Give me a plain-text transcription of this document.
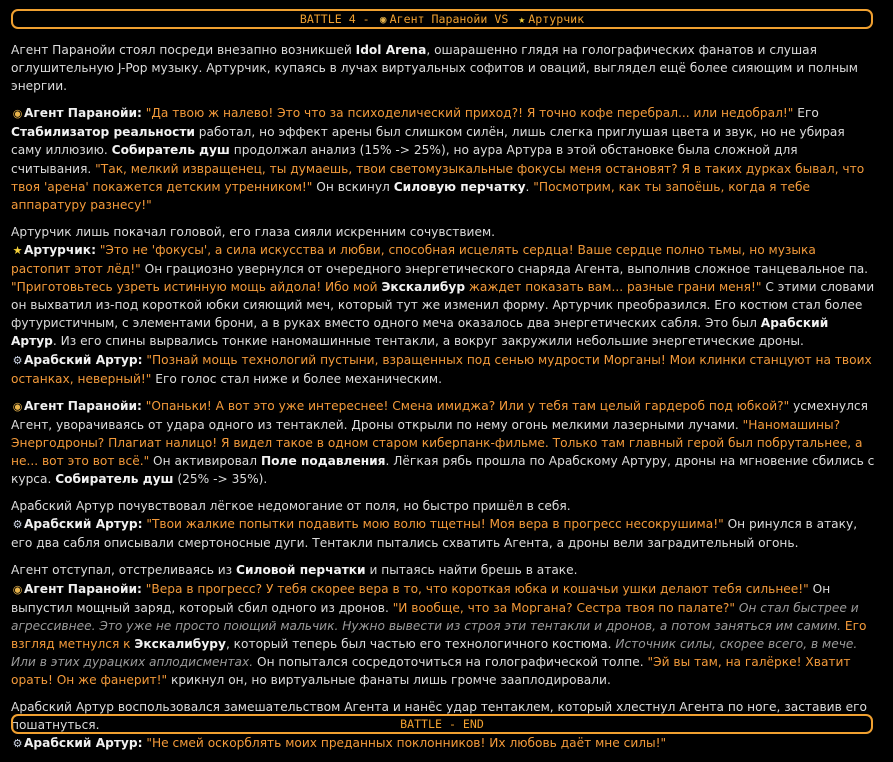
BATTLE 4 - ◉ Агент Паранойи VS ★ Артурчик

Агент Паранойи стоял посреди внезапно возникшей Idol Arena, ошарашенно глядя на голографических фанатов и слушая оглушительную J-Pop музыку. Артурчик, купаясь в лучах виртуальных софитов и оваций, выглядел ещё более сияющим и полным энергии.

◉ Агент Паранойи: "Да твою ж налево! Это что за психоделический приход?! Я точно кофе перебрал... или недобрал!" Его Стабилизатор реальности работал, но эффект арены был слишком силён, лишь слегка приглушая цвета и звук, но не убирая саму иллюзию. Собиратель душ продолжал анализ (15% -> 25%), но аура Артура в этой обстановке была сложной для считывания. "Так, мелкий извращенец, ты думаешь, твои светомузыкальные фокусы меня остановят? Я в таких дурках бывал, что твоя 'арена' покажется детским утренником!" Он вскинул Силовую перчатку. "Посмотрим, как ты запоёшь, когда я тебе аппаратуру разнесу!"

Артурчик лишь покачал головой, его глаза сияли искренним сочувствием.
★ Артурчик: "Это не 'фокусы', а сила искусства и любви, способная исцелять сердца! Ваше сердце полно тьмы, но музыка растопит этот лёд!" Он грациозно увернулся от очередного энергетического снаряда Агента, выполнив сложное танцевальное па. "Приготовьтесь узреть истинную мощь айдола! Ибо мой Экскалибур жаждет показать вам... разные грани меня!" С этими словами он выхватил из-под короткой юбки сияющий меч, который тут же изменил форму. Артурчик преобразился. Его костюм стал более футуристичным, с элементами брони, а в руках вместо одного меча оказалось два энергетических сабля. Это был Арабский Артур. Из его спины вырвались тонкие наномашинные тентакли, а вокруг закружили небольшие энергетические дроны.
⚙ Арабский Артур: "Познай мощь технологий пустыни, взращенных под сенью мудрости Морганы! Мои клинки станцуют на твоих останках, неверный!" Его голос стал ниже и более механическим.

◉ Агент Паранойи: "Опаньки! А вот это уже интереснее! Смена имиджа? Или у тебя там целый гардероб под юбкой?" усмехнулся Агент, уворачиваясь от удара одного из тентаклей. Дроны открыли по нему огонь мелкими лазерными лучами. "Наномашины? Энергодроны? Плагиат налицо! Я видел такое в одном старом киберпанк-фильме. Только там главный герой был побрутальнее, а не... вот это вот всё." Он активировал Поле подавления. Лёгкая рябь прошла по Арабскому Артуру, дроны на мгновение сбились с курса. Собиратель душ (25% -> 35%).

Арабский Артур почувствовал лёгкое недомогание от поля, но быстро пришёл в себя.
⚙ Арабский Артур: "Твои жалкие попытки подавить мою волю тщетны! Моя вера в прогресс несокрушима!" Он ринулся в атаку, его два сабля описывали смертоносные дуги. Тентакли пытались схватить Агента, а дроны вели заградительный огонь.

Агент отступал, отстреливаясь из Силовой перчатки и пытаясь найти брешь в атаке.
◉ Агент Паранойи: "Вера в прогресс? У тебя скорее вера в то, что короткая юбка и кошачьи ушки делают тебя сильнее!" Он выпустил мощный заряд, который сбил одного из дронов. "И вообще, что за Моргана? Сестра твоя по палате?" Он стал быстрее и агрессивнее. Это уже не просто поющий мальчик. Нужно вывести из строя эти тентакли и дронов, а потом заняться им самим. Его взгляд метнулся к Экскалибуру, который теперь был частью его технологичного костюма. Источник силы, скорее всего, в мече. Или в этих дурацких аплодисментах. Он попытался сосредоточиться на голографической толпе. "Эй вы там, на галёрке! Хватит орать! Он же фанерит!" крикнул он, но виртуальные фанаты лишь громче зааплодировали.

Арабский Артур воспользовался замешательством Агента и нанёс удар тентаклем, который хлестнул Агента по ноге, заставив его пошатнуться.
⚙ Арабский Артур: "Не смей оскорблять моих преданных поклонников! Их любовь даёт мне силы!"

BATTLE - END
